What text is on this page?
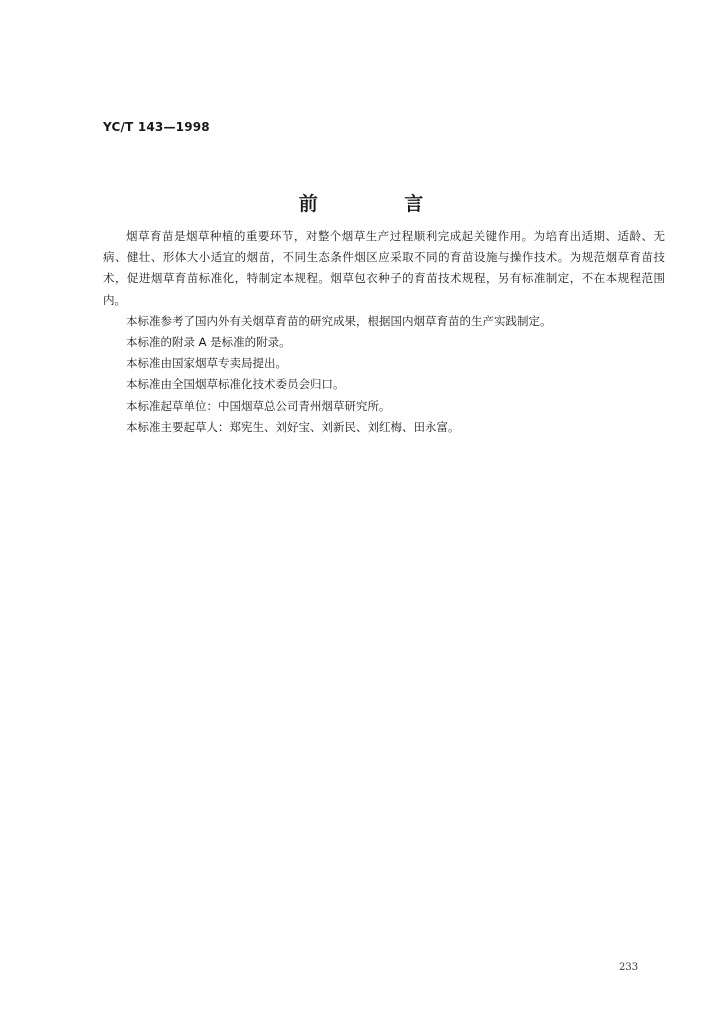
YC/T 143—1998
前 言

烟草育苗是烟草种植的重要环节，对整个烟草生产过程顺利完成起关键作用。为培育出适期、适龄、无病、健壮、形体大小适宜的烟苗，不同生态条件烟区应采取不同的育苗设施与操作技术。为规范烟草育苗技术，促进烟草育苗标准化，特制定本规程。烟草包衣种子的育苗技术规程，另有标准制定，不在本规程范围内。

本标准参考了国内外有关烟草育苗的研究成果，根据国内烟草育苗的生产实践制定。

本标准的附录 A 是标准的附录。

本标准由国家烟草专卖局提出。

本标准由全国烟草标准化技术委员会归口。

本标准起草单位：中国烟草总公司青州烟草研究所。

本标准主要起草人：郑宪生、刘好宝、刘新民、刘红梅、田永富。

233
